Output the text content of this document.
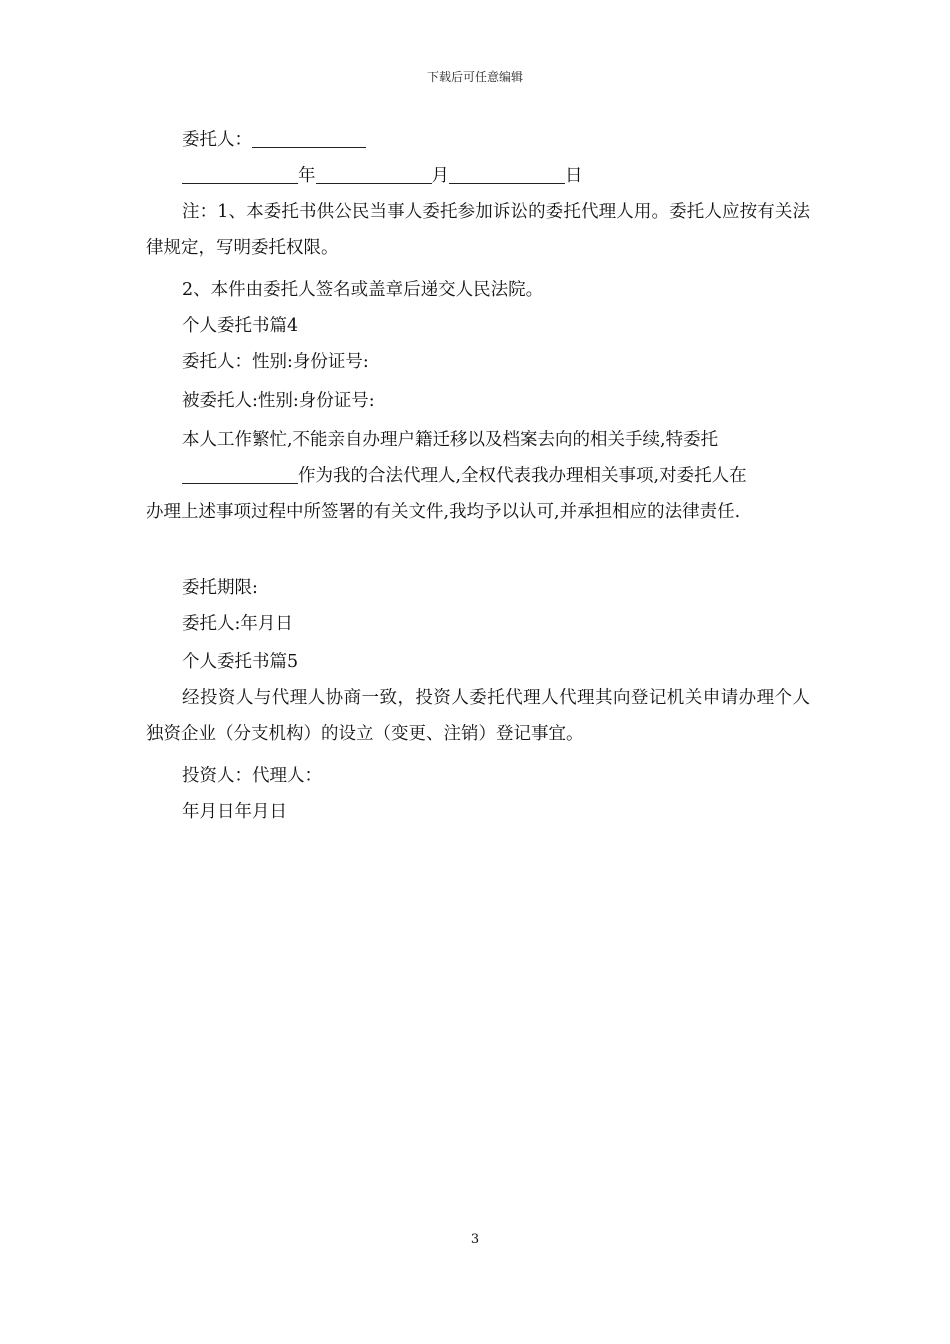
下载后可任意编辑
委托人：
年	月	日
注：1、本委托书供公民当事人委托参加诉讼的委托代理人用。委托人应按有关法律规定，写明委托权限。
2、本件由委托人签名或盖章后递交人民法院。
个人委托书篇4
委托人：性别:身份证号:
被委托人:性别:身份证号:
本人工作繁忙,不能亲自办理户籍迁移以及档案去向的相关手续,特委托
作为我的合法代理人,全权代表我办理相关事项,对委托人在
办理上述事项过程中所签署的有关文件,我均予以认可,并承担相应的法律责任.
委托期限:
委托人:年月日
个人委托书篇5
经投资人与代理人协商一致，投资人委托代理人代理其向登记机关申请办理个人独资企业（分支机构）的设立（变更、注销）登记事宜。
投资人：代理人：
年月日年月日
3
